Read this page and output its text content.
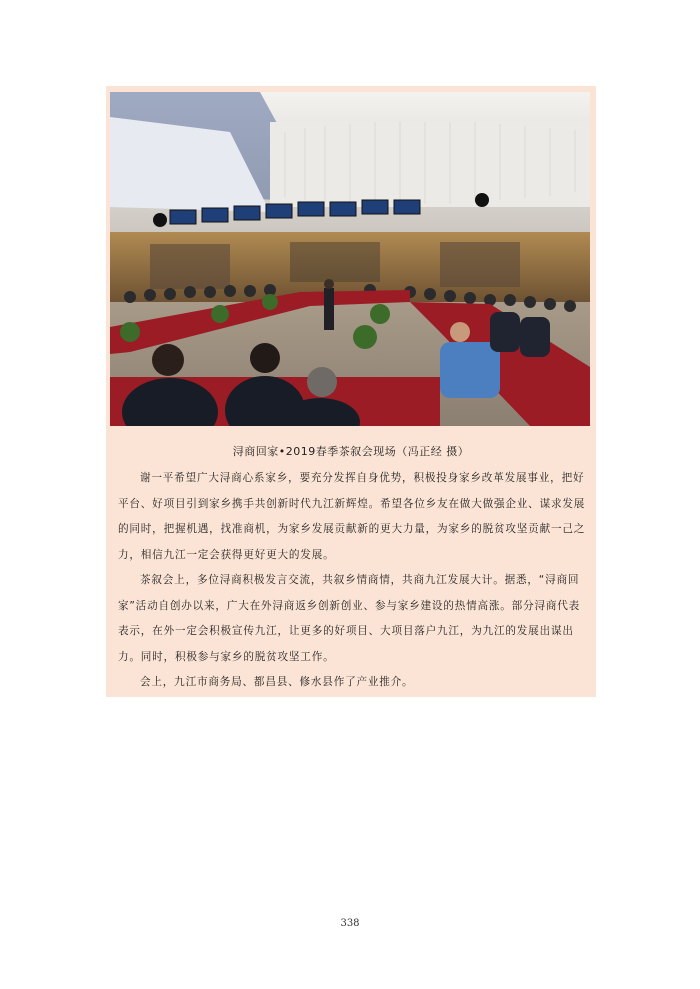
浔商回家•2019春季茶叙会现场（冯正经 摄）

谢一平希望广大浔商心系家乡，要充分发挥自身优势，积极投身家乡改革发展事业，把好平台、好项目引到家乡携手共创新时代九江新辉煌。希望各位乡友在做大做强企业、谋求发展的同时，把握机遇，找准商机，为家乡发展贡献新的更大力量，为家乡的脱贫攻坚贡献一己之力，相信九江一定会获得更好更大的发展。

茶叙会上，多位浔商积极发言交流，共叙乡情商情，共商九江发展大计。据悉，“浔商回家”活动自创办以来，广大在外浔商返乡创新创业、参与家乡建设的热情高涨。部分浔商代表表示，在外一定会积极宣传九江，让更多的好项目、大项目落户九江，为九江的发展出谋出力。同时，积极参与家乡的脱贫攻坚工作。

会上，九江市商务局、都昌县、修水县作了产业推介。

338
